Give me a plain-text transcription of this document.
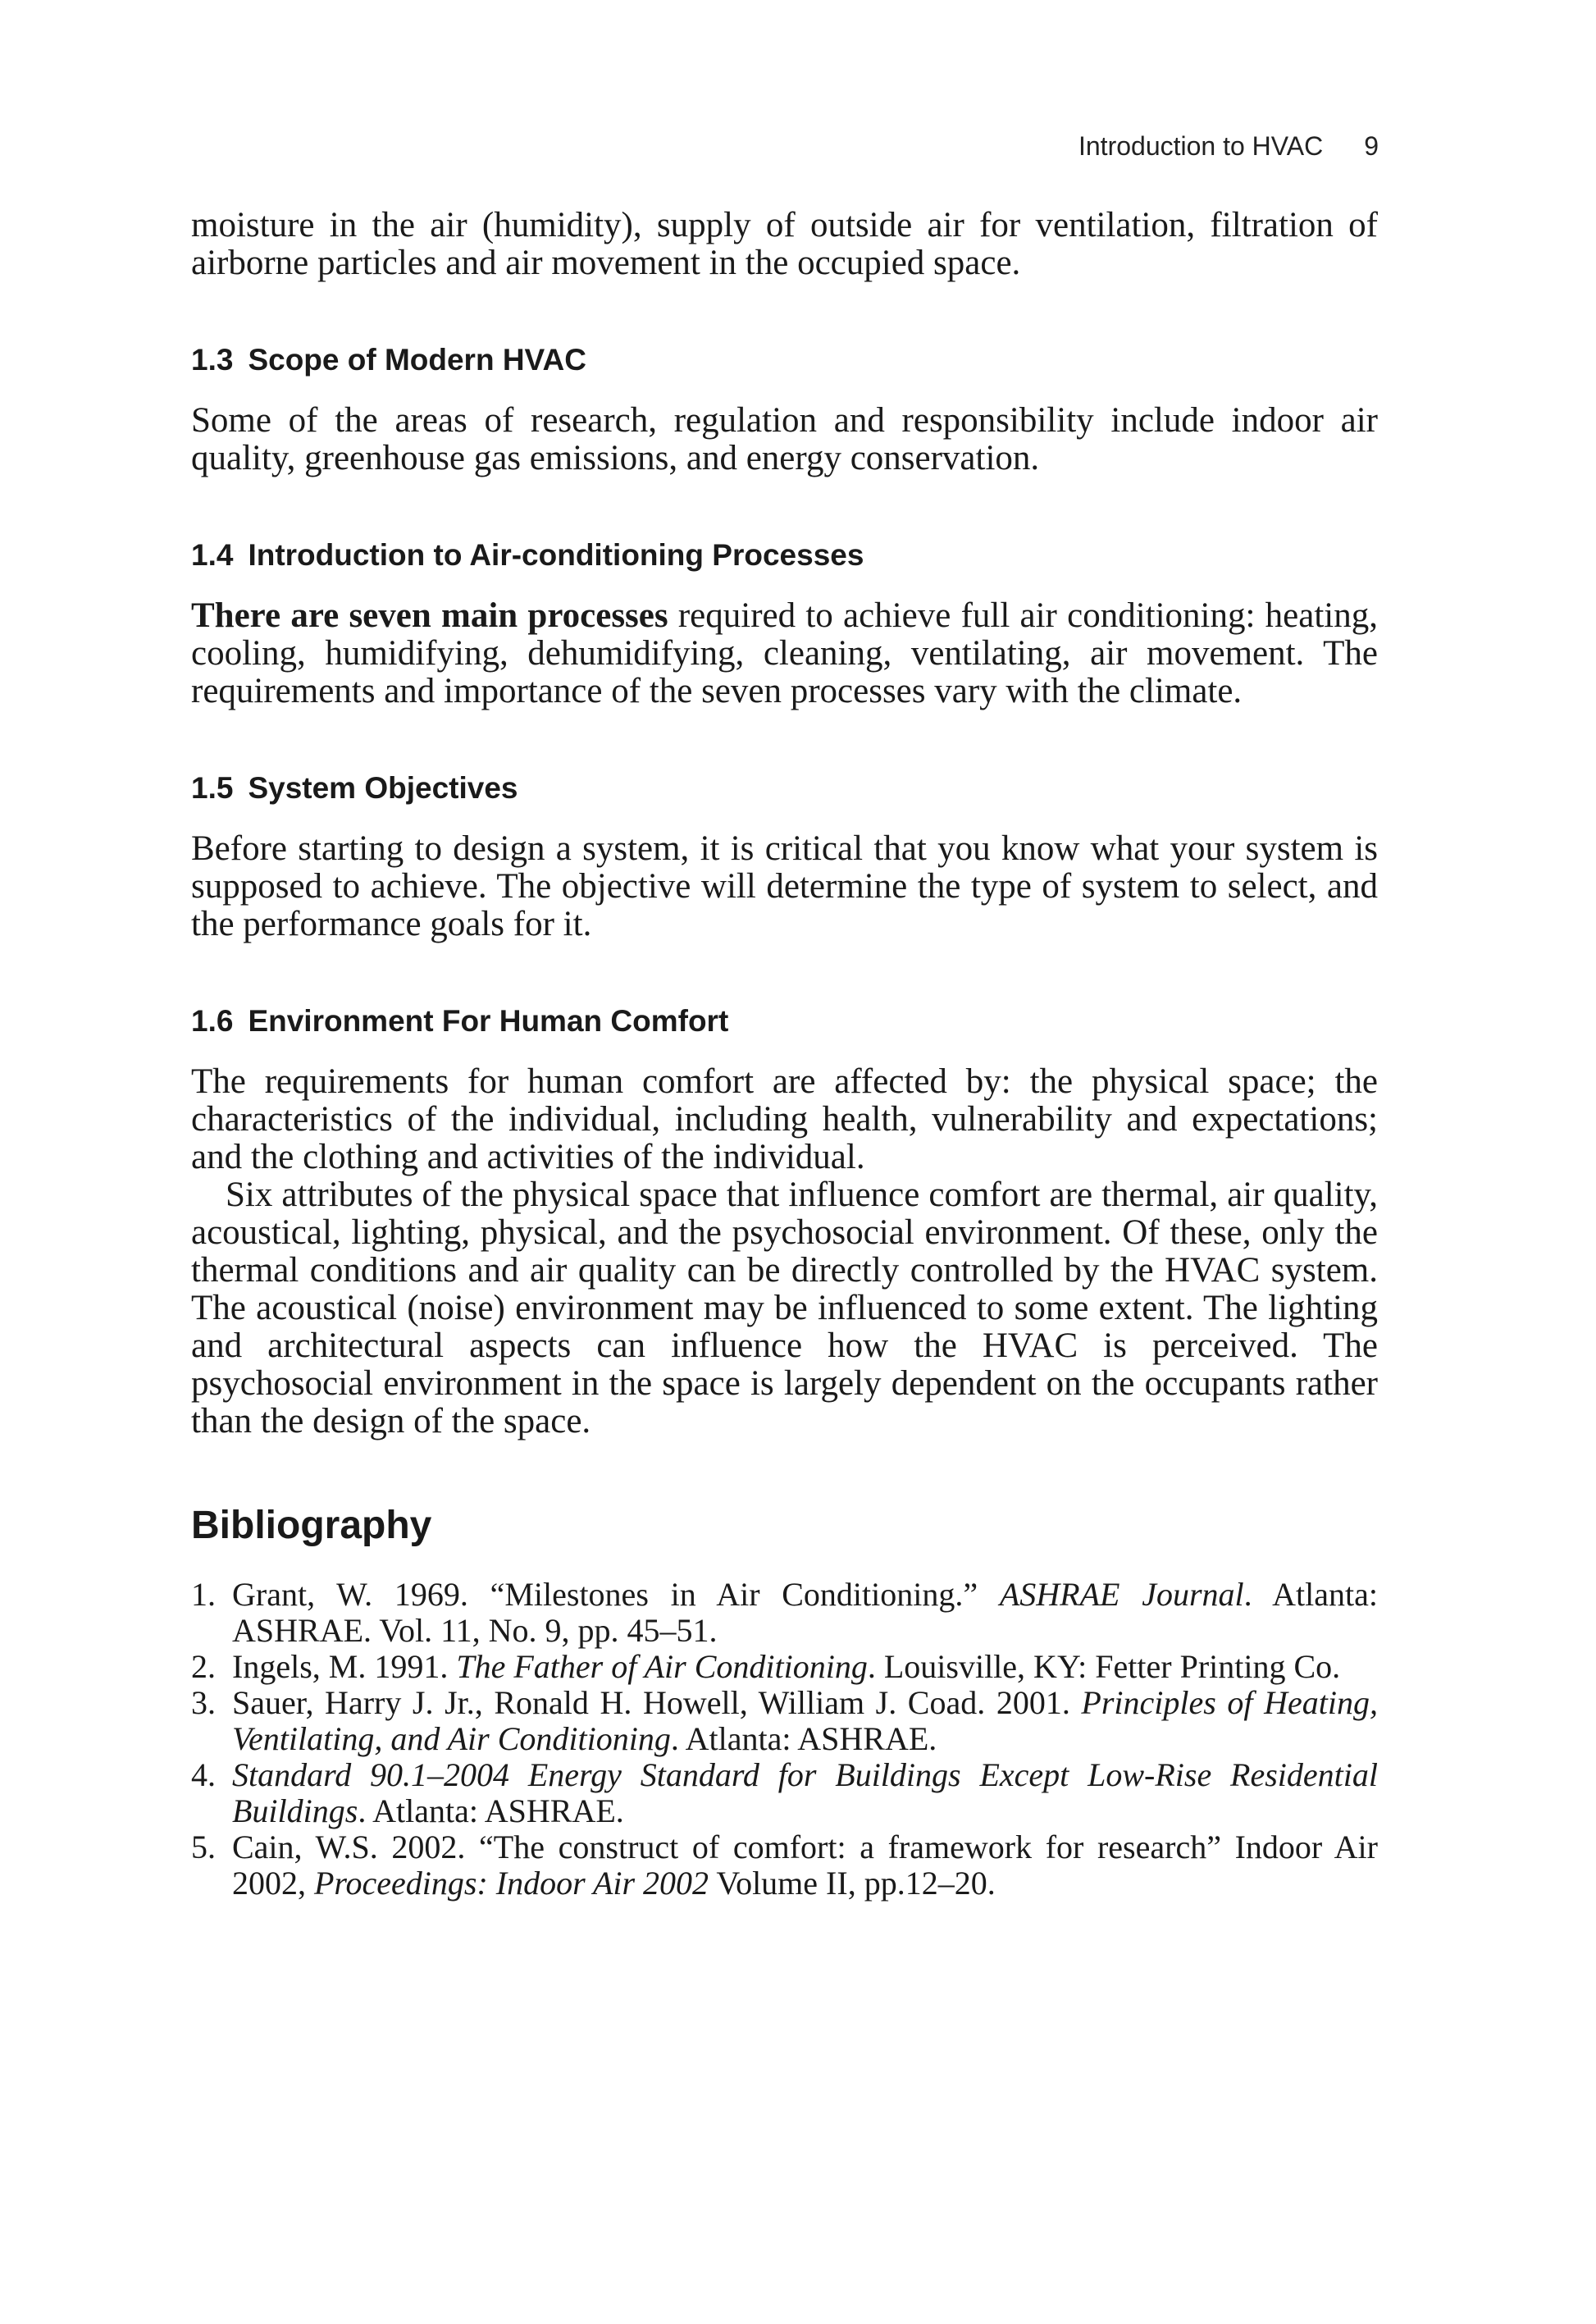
Introduction to HVAC 9

moisture in the air (humidity), supply of outside air for ventilation, filtration of airborne particles and air movement in the occupied space.

1.3 Scope of Modern HVAC

Some of the areas of research, regulation and responsibility include indoor air quality, greenhouse gas emissions, and energy conservation.

1.4 Introduction to Air-conditioning Processes

There are seven main processes required to achieve full air conditioning: heating, cooling, humidifying, dehumidifying, cleaning, ventilating, air movement. The requirements and importance of the seven processes vary with the climate.

1.5 System Objectives

Before starting to design a system, it is critical that you know what your system is supposed to achieve. The objective will determine the type of system to select, and the performance goals for it.

1.6 Environment For Human Comfort

The requirements for human comfort are affected by: the physical space; the characteristics of the individual, including health, vulnerability and expectations; and the clothing and activities of the individual.

Six attributes of the physical space that influence comfort are thermal, air quality, acoustical, lighting, physical, and the psychosocial environment. Of these, only the thermal conditions and air quality can be directly controlled by the HVAC system. The acoustical (noise) environment may be influenced to some extent. The lighting and architectural aspects can influence how the HVAC is perceived. The psychosocial environment in the space is largely dependent on the occupants rather than the design of the space.

Bibliography
1. Grant, W. 1969. “Milestones in Air Conditioning.” ASHRAE Journal. Atlanta: ASHRAE. Vol. 11, No. 9, pp. 45–51.
2. Ingels, M. 1991. The Father of Air Conditioning. Louisville, KY: Fetter Printing Co.
3. Sauer, Harry J. Jr., Ronald H. Howell, William J. Coad. 2001. Principles of Heating, Ventilating, and Air Conditioning. Atlanta: ASHRAE.
4. Standard 90.1–2004 Energy Standard for Buildings Except Low-Rise Residential Buildings. Atlanta: ASHRAE.
5. Cain, W.S. 2002. “The construct of comfort: a framework for research” Indoor Air 2002, Proceedings: Indoor Air 2002 Volume II, pp.12–20.
